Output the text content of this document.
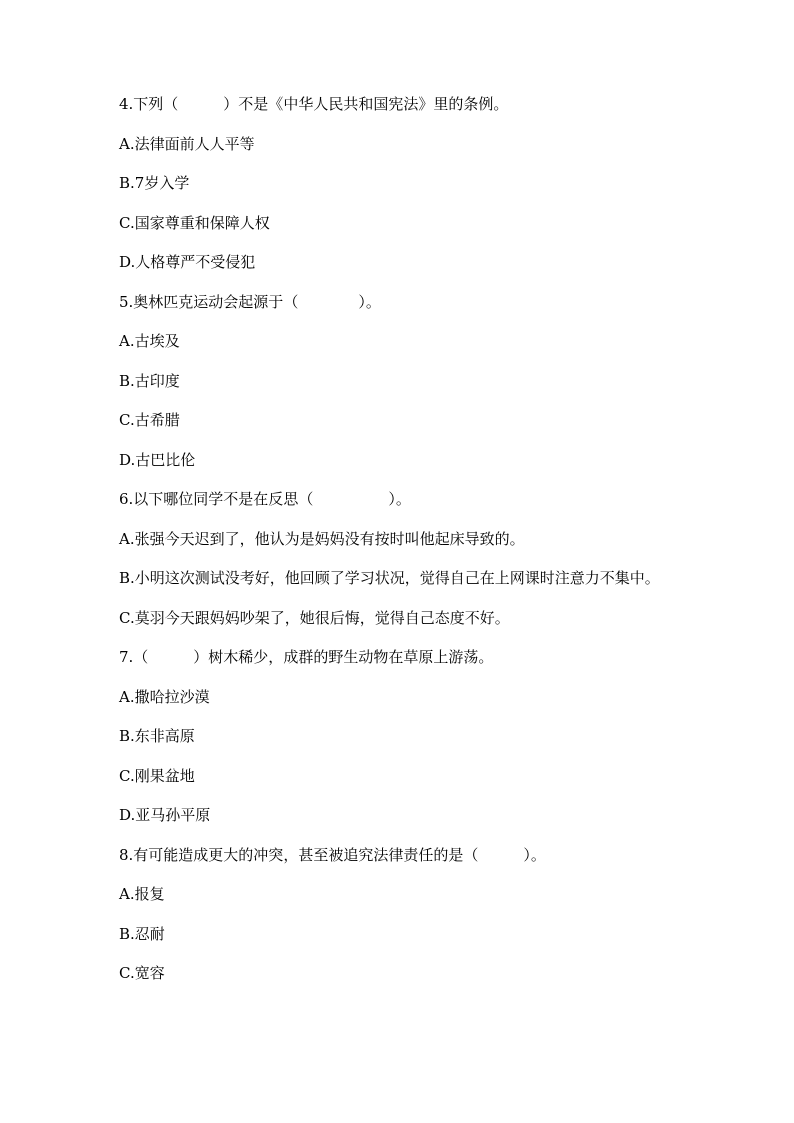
4.下列（　　　）不是《中华人民共和国宪法》里的条例。
A.法律面前人人平等
B.7岁入学
C.国家尊重和保障人权
D.人格尊严不受侵犯
5.奥林匹克运动会起源于（　　　　）。
A.古埃及
B.古印度
C.古希腊
D.古巴比伦
6.以下哪位同学不是在反思（　　　　　）。
A.张强今天迟到了，他认为是妈妈没有按时叫他起床导致的。
B.小明这次测试没考好，他回顾了学习状况，觉得自己在上网课时注意力不集中。
C.莫羽今天跟妈妈吵架了，她很后悔，觉得自己态度不好。
7.（　　　）树木稀少，成群的野生动物在草原上游荡。
A.撒哈拉沙漠
B.东非高原
C.刚果盆地
D.亚马孙平原
8.有可能造成更大的冲突，甚至被追究法律责任的是（　　　）。
A.报复
B.忍耐
C.宽容
